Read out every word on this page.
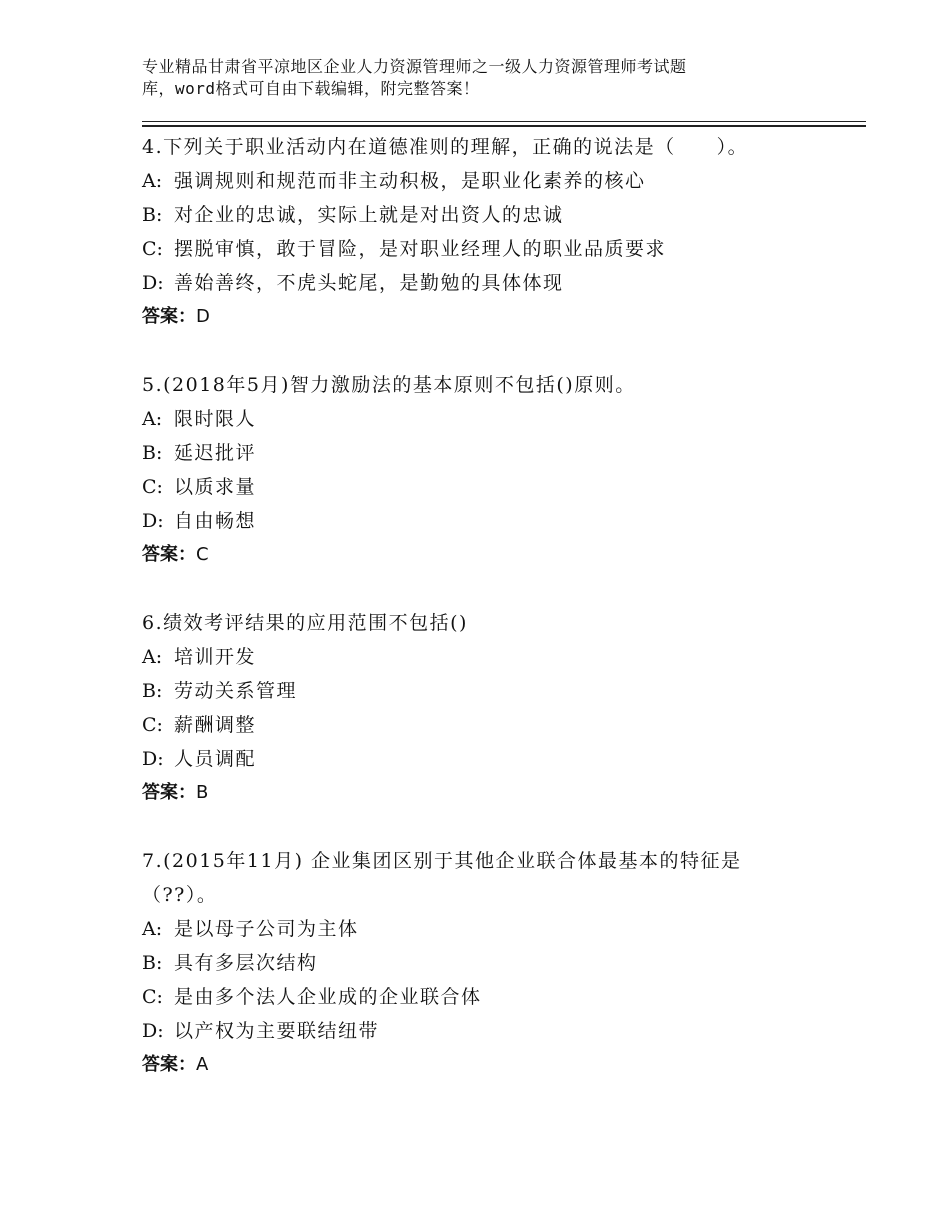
专业精品甘肃省平凉地区企业人力资源管理师之一级人力资源管理师考试题
库，word格式可自由下载编辑，附完整答案！
4.下列关于职业活动内在道德准则的理解，正确的说法是（　　）。
A: 强调规则和规范而非主动积极，是职业化素养的核心
B: 对企业的忠诚，实际上就是对出资人的忠诚
C: 摆脱审慎，敢于冒险，是对职业经理人的职业品质要求
D: 善始善终，不虎头蛇尾，是勤勉的具体体现
答案：D
5.(2018年5月)智力激励法的基本原则不包括()原则。
A: 限时限人
B: 延迟批评
C: 以质求量
D: 自由畅想
答案：C
6.绩效考评结果的应用范围不包括()
A: 培训开发
B: 劳动关系管理
C: 薪酬调整
D: 人员调配
答案：B
7.(2015年11月) 企业集团区别于其他企业联合体最基本的特征是
（??）。
A: 是以母子公司为主体
B: 具有多层次结构
C: 是由多个法人企业成的企业联合体
D: 以产权为主要联结纽带
答案：A
